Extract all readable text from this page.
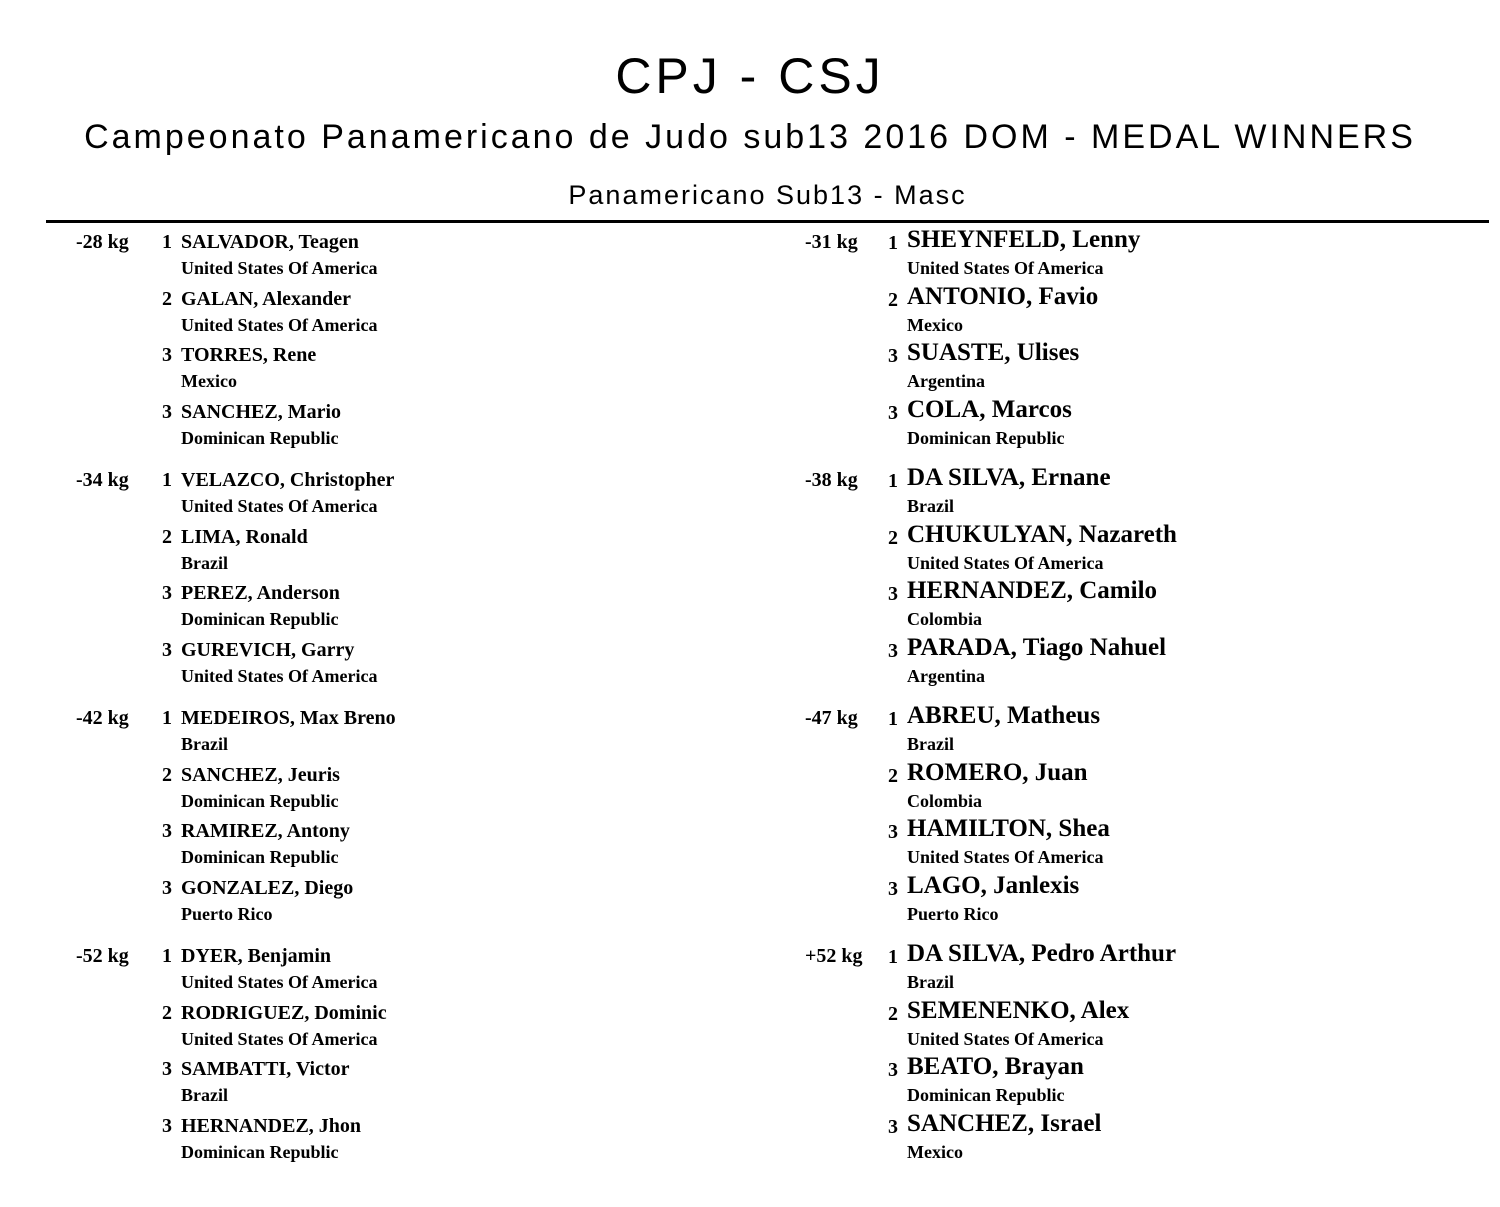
CPJ - CSJ
Campeonato Panamericano de Judo sub13 2016 DOM - MEDAL WINNERS
Panamericano Sub13 - Masc
-28 kg 1 SALVADOR, Teagen
United States Of America
2 GALAN, Alexander
United States Of America
3 TORRES, Rene
Mexico
3 SANCHEZ, Mario
Dominican Republic
-34 kg 1 VELAZCO, Christopher
United States Of America
2 LIMA, Ronald
Brazil
3 PEREZ, Anderson
Dominican Republic
3 GUREVICH, Garry
United States Of America
-42 kg 1 MEDEIROS, Max Breno
Brazil
2 SANCHEZ, Jeuris
Dominican Republic
3 RAMIREZ, Antony
Dominican Republic
3 GONZALEZ, Diego
Puerto Rico
-52 kg 1 DYER, Benjamin
United States Of America
2 RODRIGUEZ, Dominic
United States Of America
3 SAMBATTI, Victor
Brazil
3 HERNANDEZ, Jhon
Dominican Republic
-31 kg 1 SHEYNFELD, Lenny
United States Of America
2 ANTONIO, Favio
Mexico
3 SUASTE, Ulises
Argentina
3 COLA, Marcos
Dominican Republic
-38 kg 1 DA SILVA, Ernane
Brazil
2 CHUKULYAN, Nazareth
United States Of America
3 HERNANDEZ, Camilo
Colombia
3 PARADA, Tiago Nahuel
Argentina
-47 kg 1 ABREU, Matheus
Brazil
2 ROMERO, Juan
Colombia
3 HAMILTON, Shea
United States Of America
3 LAGO, Janlexis
Puerto Rico
+52 kg 1 DA SILVA, Pedro Arthur
Brazil
2 SEMENENKO, Alex
United States Of America
3 BEATO, Brayan
Dominican Republic
3 SANCHEZ, Israel
Mexico
